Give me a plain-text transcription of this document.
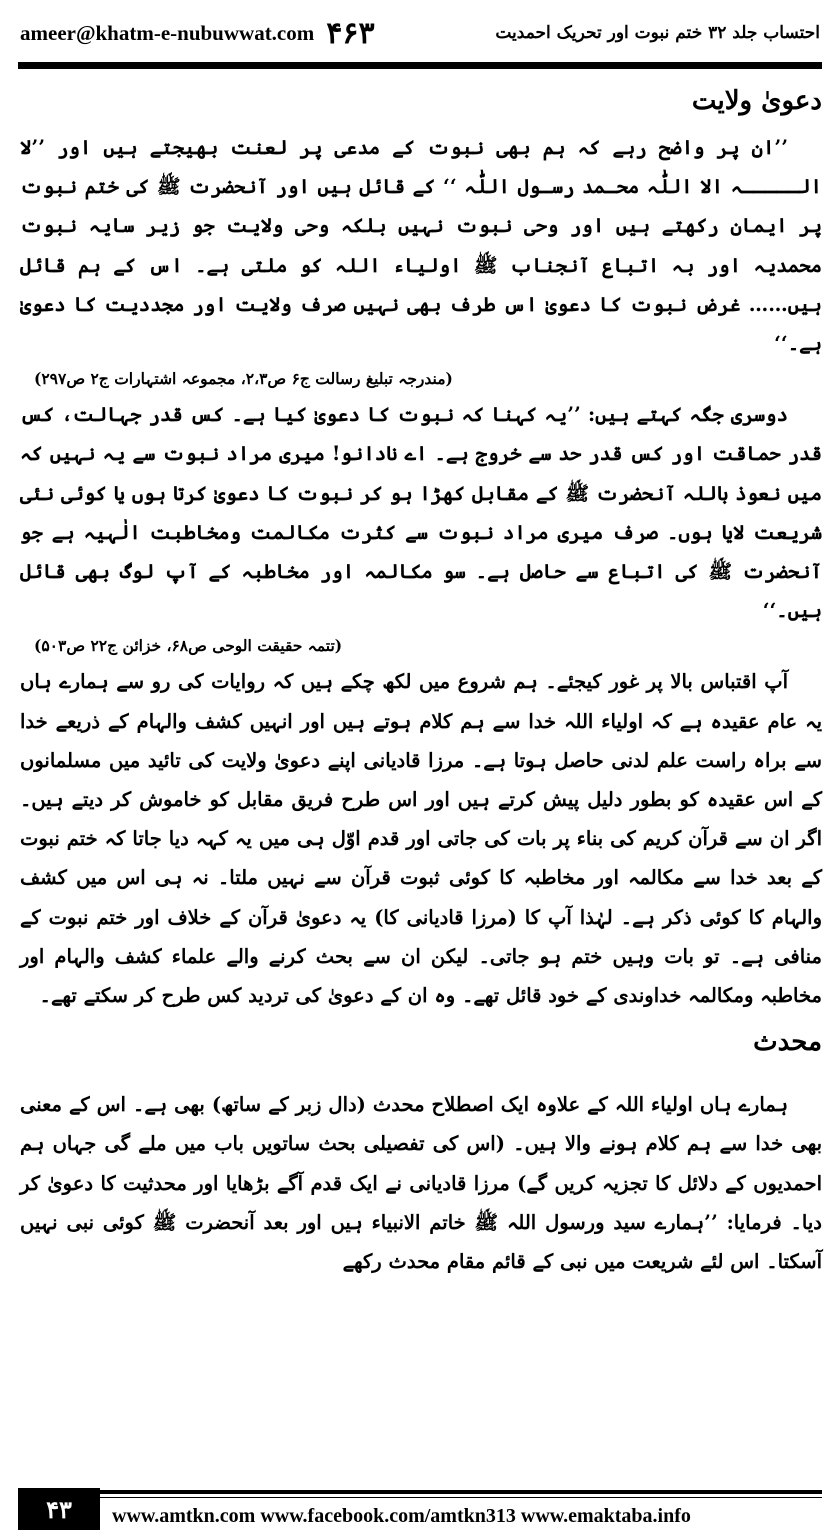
ameer@khatm-e-nubuwwat.com ۴۶۳	احتساب جلد ۳۲ ختم نبوت اور تحریک احمدیت
دعویٰ ولایت

’’ان پر واضح رہے کہ ہم بھی نبوت کے مدعی پر لعنت بھیجتے ہیں اور ’’لا الـــــہ الا اللّٰہ محـمد رسـول اللّٰہ ‘‘ کے قائل ہیں اور آنحضرت ﷺ کی ختم نبوت پر ایمان رکھتے ہیں اور وحی نبوت نہیں بلکہ وحی ولایت جو زیر سایہ نبوت محمدیہ اور بہ اتباع آنجناب ﷺ اولیاء اللہ کو ملتی ہے۔ اس کے ہم قائل ہیں…… غرض نبوت کا دعویٰ اس طرف بھی نہیں صرف ولایت اور مجددیت کا دعویٰ ہے۔‘‘

(مندرجہ تبلیغ رسالت ج۶ ص۲،۳، مجموعہ اشتہارات ج۲ ص۲۹۷)

دوسری جگہ کہتے ہیں: ’’یہ کہنا کہ نبوت کا دعویٰ کیا ہے۔ کس قدر جہالت، کس قدر حماقت اور کس قدر حد سے خروج ہے۔ اے نادانو! میری مراد نبوت سے یہ نہیں کہ میں نعوذ باللہ آنحضرت ﷺ کے مقابل کھڑا ہو کر نبوت کا دعویٰ کرتا ہوں یا کوئی نئی شریعت لایا ہوں۔ صرف میری مراد نبوت سے کثرت مکالمت ومخاطبت الٰہیہ ہے جو آنحضرت ﷺ کی اتباع سے حاصل ہے۔ سو مکالمہ اور مخاطبہ کے آپ لوگ بھی قائل ہیں۔‘‘

(تتمہ حقیقت الوحی ص۶۸، خزائن ج۲۲ ص۵۰۳)

آپ اقتباس بالا پر غور کیجئے۔ ہم شروع میں لکھ چکے ہیں کہ روایات کی رو سے ہمارے ہاں یہ عام عقیدہ ہے کہ اولیاء اللہ خدا سے ہم کلام ہوتے ہیں اور انہیں کشف والہام کے ذریعے خدا سے براہ راست علم لدنی حاصل ہوتا ہے۔ مرزا قادیانی اپنے دعویٰ ولایت کی تائید میں مسلمانوں کے اس عقیدہ کو بطور دلیل پیش کرتے ہیں اور اس طرح فریق مقابل کو خاموش کر دیتے ہیں۔ اگر ان سے قرآن کریم کی بناء پر بات کی جاتی اور قدم اوّل ہی میں یہ کہہ دیا جاتا کہ ختم نبوت کے بعد خدا سے مکالمہ اور مخاطبہ کا کوئی ثبوت قرآن سے نہیں ملتا۔ نہ ہی اس میں کشف والہام کا کوئی ذکر ہے۔ لہٰذا آپ کا (مرزا قادیانی کا) یہ دعویٰ قرآن کے خلاف اور ختم نبوت کے منافی ہے۔ تو بات وہیں ختم ہو جاتی۔ لیکن ان سے بحث کرنے والے علماء کشف والہام اور مخاطبہ ومکالمہ خداوندی کے خود قائل تھے۔ وہ ان کے دعویٰ کی تردید کس طرح کر سکتے تھے۔

محدث

ہمارے ہاں اولیاء اللہ کے علاوہ ایک اصطلاح محدث (دال زبر کے ساتھ) بھی ہے۔ اس کے معنی بھی خدا سے ہم کلام ہونے والا ہیں۔ (اس کی تفصیلی بحث ساتویں باب میں ملے گی جہاں ہم احمدیوں کے دلائل کا تجزیہ کریں گے) مرزا قادیانی نے ایک قدم آگے بڑھایا اور محدثیت کا دعویٰ کر دیا۔ فرمایا: ’’ہمارے سید ورسول اللہ ﷺ خاتم الانبیاء ہیں اور بعد آنحضرت ﷺ کوئی نبی نہیں آسکتا۔ اس لئے شریعت میں نبی کے قائم مقام محدث رکھے

۴۳	www.amtkn.com www.facebook.com/amtkn313 www.emaktaba.info
